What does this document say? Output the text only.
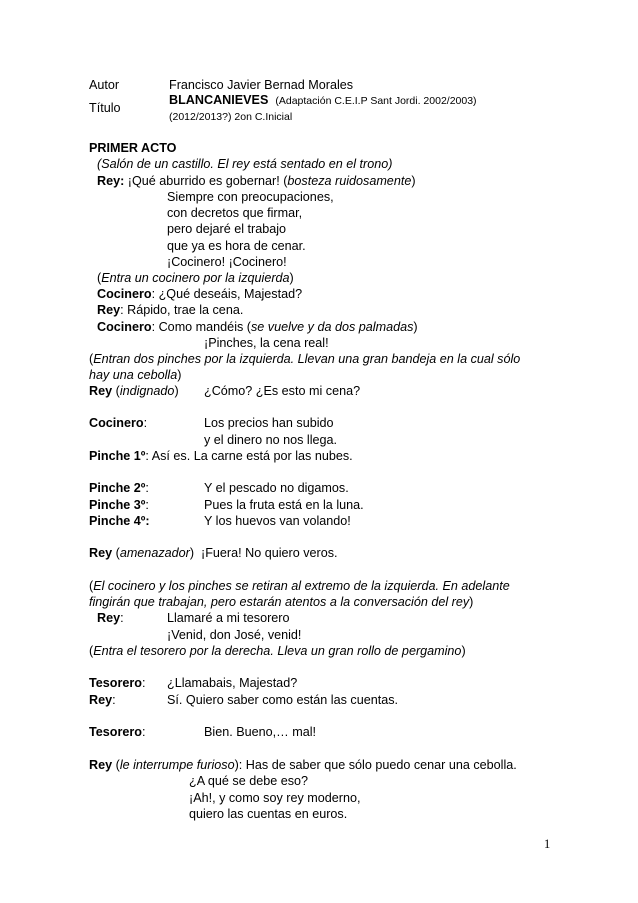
Autor	Francisco Javier Bernad Morales
Título
BLANCANIEVES (Adaptación C.E.I.P Sant Jordi. 2002/2003)
(2012/2013?) 2on C.Inicial
PRIMER ACTO
(Salón de un castillo. El rey está sentado en el trono)
Rey: ¡Qué aburrido es gobernar! (bosteza ruidosamente)
Siempre con preocupaciones,
con decretos que firmar,
pero dejaré el trabajo
que ya es hora de cenar.
¡Cocinero! ¡Cocinero!
(Entra un cocinero por la izquierda)
Cocinero: ¿Qué deseáis, Majestad?
Rey: Rápido, trae la cena.
Cocinero: Como mandéis (se vuelve y da dos palmadas)
¡Pinches, la cena real!
(Entran dos pinches por la izquierda. Llevan una gran bandeja en la cual sólo
hay una cebolla)
Rey (indignado) ¿Cómo? ¿Es esto mi cena?
Cocinero:	Los precios han subido
y el dinero no nos llega.
Pinche 1º: Así es. La carne está por las nubes.
Pinche 2º:	Y el pescado no digamos.
Pinche 3º:	Pues la fruta está en la luna.
Pinche 4º:	Y los huevos van volando!
Rey (amenazador)  ¡Fuera! No quiero veros.
(El cocinero y los pinches se retiran al extremo de la izquierda. En adelante
fingirán que trabajan, pero estarán atentos a la conversación del rey)
Rey:	Llamaré a mi tesorero
¡Venid, don José, venid!
(Entra el tesorero por la derecha. Lleva un gran rollo de pergamino)
Tesorero: ¿Llamabais, Majestad?
Rey:	Sí. Quiero saber como están las cuentas.
Tesorero:	Bien. Bueno,… mal!
Rey (le interrumpe furioso): Has de saber que sólo puedo cenar una cebolla.
¿A qué se debe eso?
¡Ah!, y como soy rey moderno,
quiero las cuentas en euros.
1
